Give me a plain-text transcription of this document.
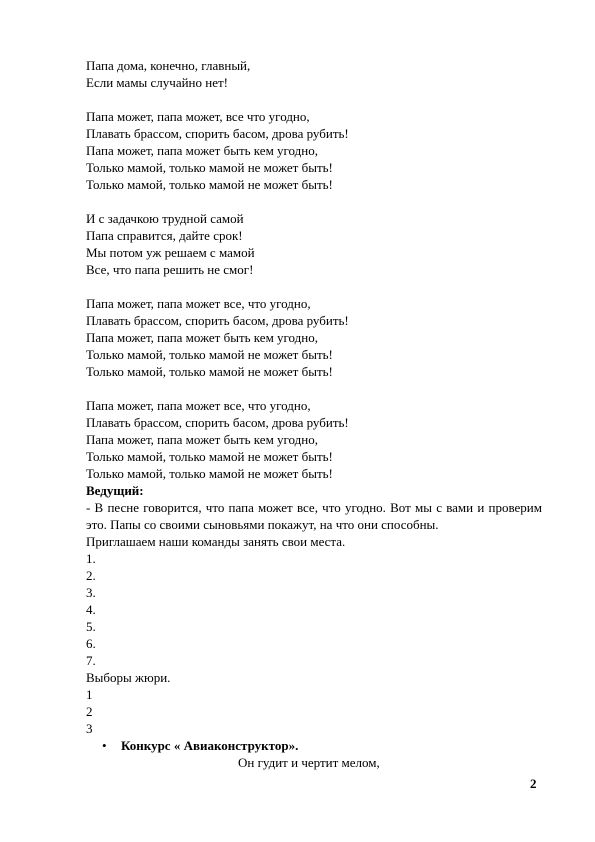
Папа дома, конечно, главный,
Если мамы случайно нет!
Папа может, папа может, все что угодно,
Плавать брассом, спорить басом, дрова рубить!
Папа может, папа может быть кем угодно,
Только мамой, только мамой не может быть!
Только мамой, только мамой не может быть!
И с задачкою трудной самой
Папа справится, дайте срок!
Мы потом уж решаем с мамой
Все, что папа решить не смог!
Папа может, папа может все, что угодно,
Плавать брассом, спорить басом, дрова рубить!
Папа может, папа может быть кем угодно,
Только мамой, только мамой не может быть!
Только мамой, только мамой не может быть!
Папа может, папа может все, что угодно,
Плавать брассом, спорить басом, дрова рубить!
Папа может, папа может быть кем угодно,
Только мамой, только мамой не может быть!
Только мамой, только мамой не может быть!
Ведущий:
- В песне говорится, что папа может все, что угодно. Вот мы с вами и проверим это. Папы со своими сыновьями покажут, на что они способны.
Приглашаем наши команды занять свои места.
1.
2.
3.
4.
5.
6.
7.
Выборы жюри.
1
2
3
• Конкурс « Авиаконструктор».
Он гудит и чертит мелом,
2
